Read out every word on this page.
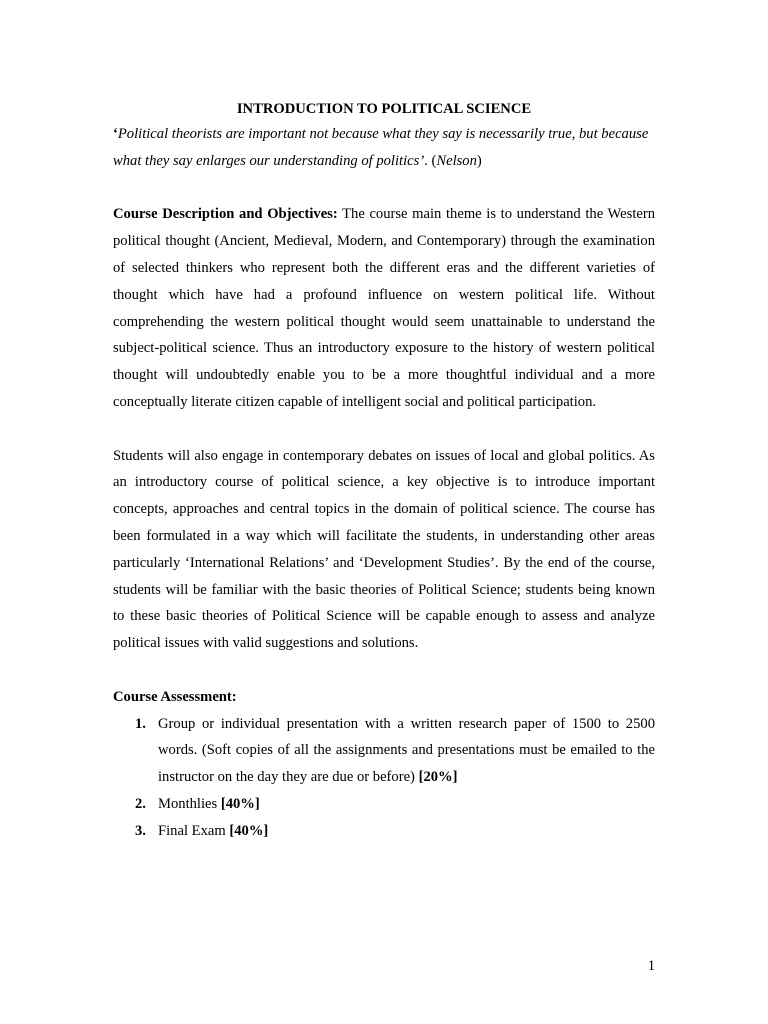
INTRODUCTION TO POLITICAL SCIENCE

‘Political theorists are important not because what they say is necessarily true, but because what they say enlarges our understanding of politics’. (Nelson)

Course Description and Objectives: The course main theme is to understand the Western political thought (Ancient, Medieval, Modern, and Contemporary) through the examination of selected thinkers who represent both the different eras and the different varieties of thought which have had a profound influence on western political life. Without comprehending the western political thought would seem unattainable to understand the subject-political science. Thus an introductory exposure to the history of western political thought will undoubtedly enable you to be a more thoughtful individual and a more conceptually literate citizen capable of intelligent social and political participation.

Students will also engage in contemporary debates on issues of local and global politics. As an introductory course of political science, a key objective is to introduce important concepts, approaches and central topics in the domain of political science. The course has been formulated in a way which will facilitate the students, in understanding other areas particularly ‘International Relations’ and ‘Development Studies’. By the end of the course, students will be familiar with the basic theories of Political Science; students being known to these basic theories of Political Science will be capable enough to assess and analyze political issues with valid suggestions and solutions.

Course Assessment:

1. Group or individual presentation with a written research paper of 1500 to 2500 words. (Soft copies of all the assignments and presentations must be emailed to the instructor on the day they are due or before) [20%]
2. Monthlies [40%]
3. Final Exam [40%]
1
